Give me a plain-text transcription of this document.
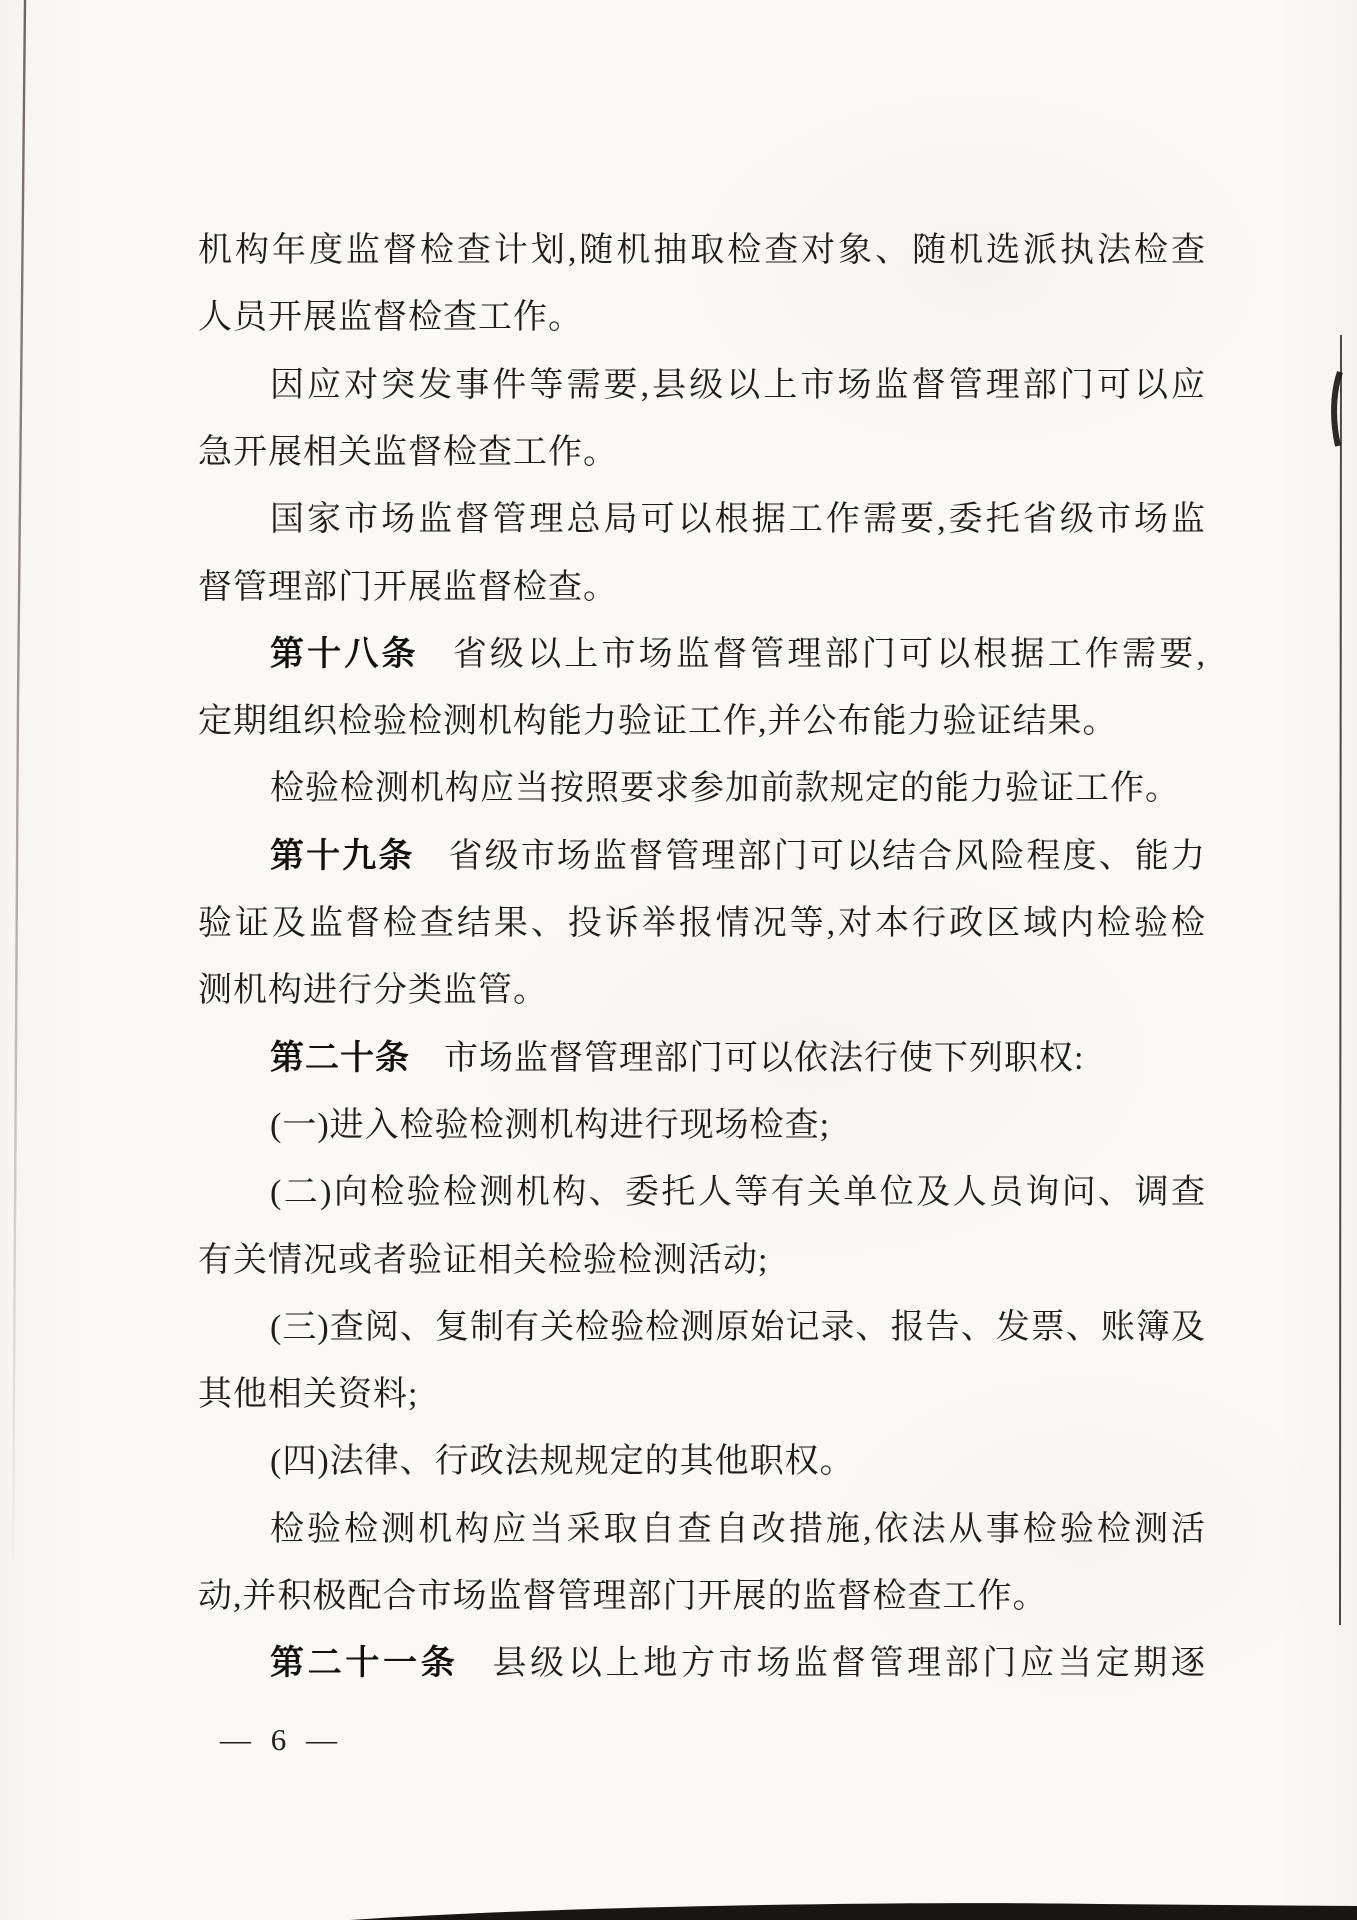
— 6 —
机构年度监督检查计划,随机抽取检查对象、随机选派执法检查
人员开展监督检查工作。
因应对突发事件等需要,县级以上市场监督管理部门可以应
急开展相关监督检查工作。
国家市场监督管理总局可以根据工作需要,委托省级市场监
督管理部门开展监督检查。
第十八条 省级以上市场监督管理部门可以根据工作需要,
定期组织检验检测机构能力验证工作,并公布能力验证结果。
检验检测机构应当按照要求参加前款规定的能力验证工作。
第十九条 省级市场监督管理部门可以结合风险程度、能力
验证及监督检查结果、投诉举报情况等,对本行政区域内检验检
测机构进行分类监管。
第二十条 市场监督管理部门可以依法行使下列职权:
(一)进入检验检测机构进行现场检查;
(二)向检验检测机构、委托人等有关单位及人员询问、调查
有关情况或者验证相关检验检测活动;
(三)查阅、复制有关检验检测原始记录、报告、发票、账簿及
其他相关资料;
(四)法律、行政法规规定的其他职权。
检验检测机构应当采取自查自改措施,依法从事检验检测活
动,并积极配合市场监督管理部门开展的监督检查工作。
第二十一条 县级以上地方市场监督管理部门应当定期逐
